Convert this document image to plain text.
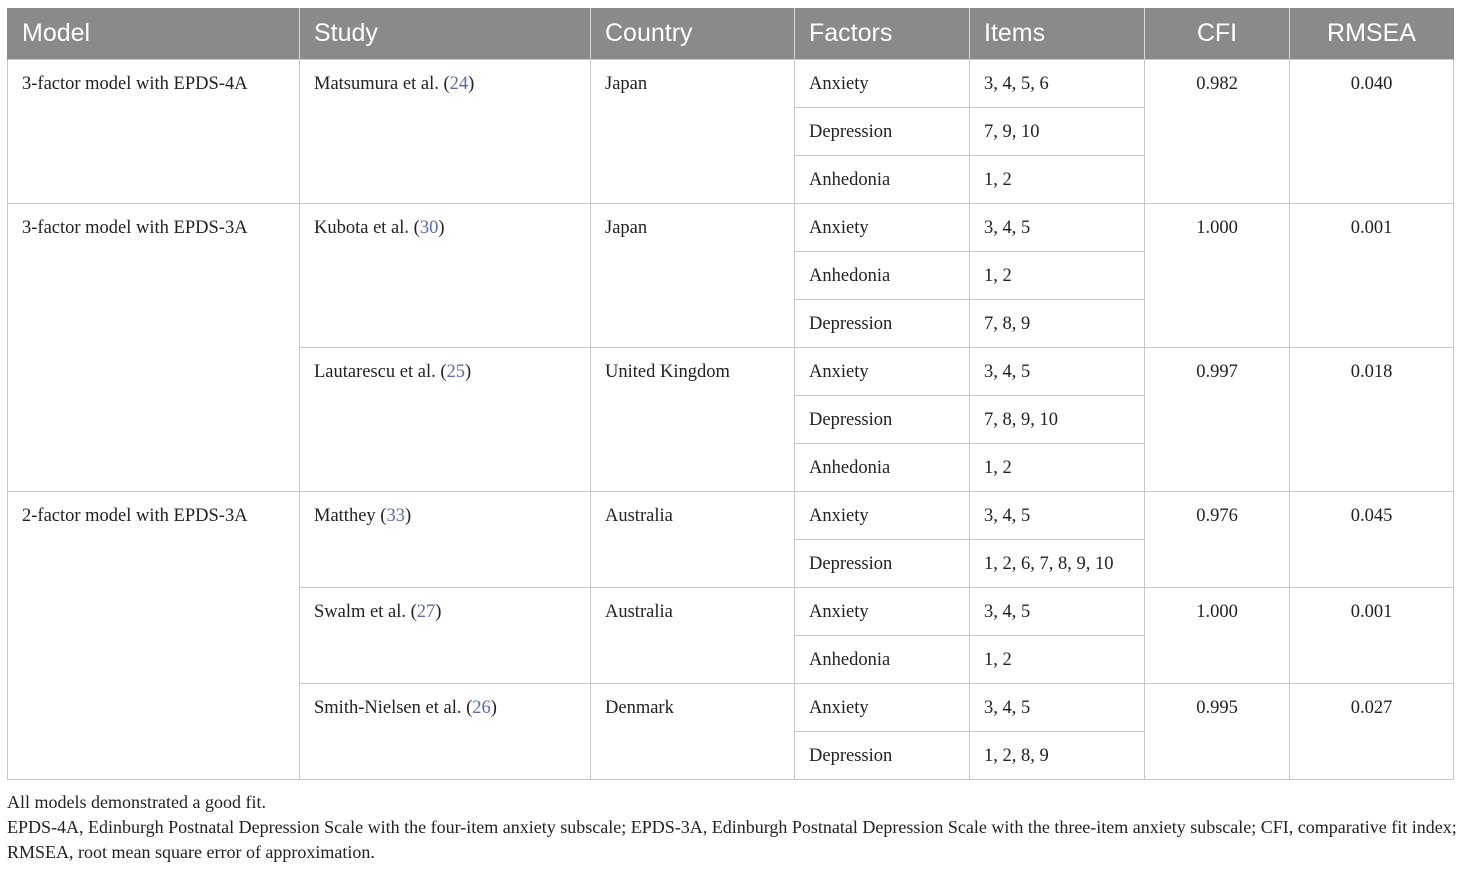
Model	Study	Country	Factors	Items	CFI	RMSEA
3-factor model with EPDS-4A	Matsumura et al. (24)	Japan	Anxiety	3, 4, 5, 6	0.982	0.040
			Depression	7, 9, 10		
			Anhedonia	1, 2		
3-factor model with EPDS-3A	Kubota et al. (30)	Japan	Anxiety	3, 4, 5	1.000	0.001
			Anhedonia	1, 2		
			Depression	7, 8, 9		
	Lautarescu et al. (25)	United Kingdom	Anxiety	3, 4, 5	0.997	0.018
			Depression	7, 8, 9, 10		
			Anhedonia	1, 2		
2-factor model with EPDS-3A	Matthey (33)	Australia	Anxiety	3, 4, 5	0.976	0.045
			Depression	1, 2, 6, 7, 8, 9, 10		
	Swalm et al. (27)	Australia	Anxiety	3, 4, 5	1.000	0.001
			Anhedonia	1, 2		
	Smith-Nielsen et al. (26)	Denmark	Anxiety	3, 4, 5	0.995	0.027
			Depression	1, 2, 8, 9		

All models demonstrated a good fit.

EPDS-4A, Edinburgh Postnatal Depression Scale with the four-item anxiety subscale; EPDS-3A, Edinburgh Postnatal Depression Scale with the three-item anxiety subscale; CFI, comparative fit index; RMSEA, root mean square error of approximation.
